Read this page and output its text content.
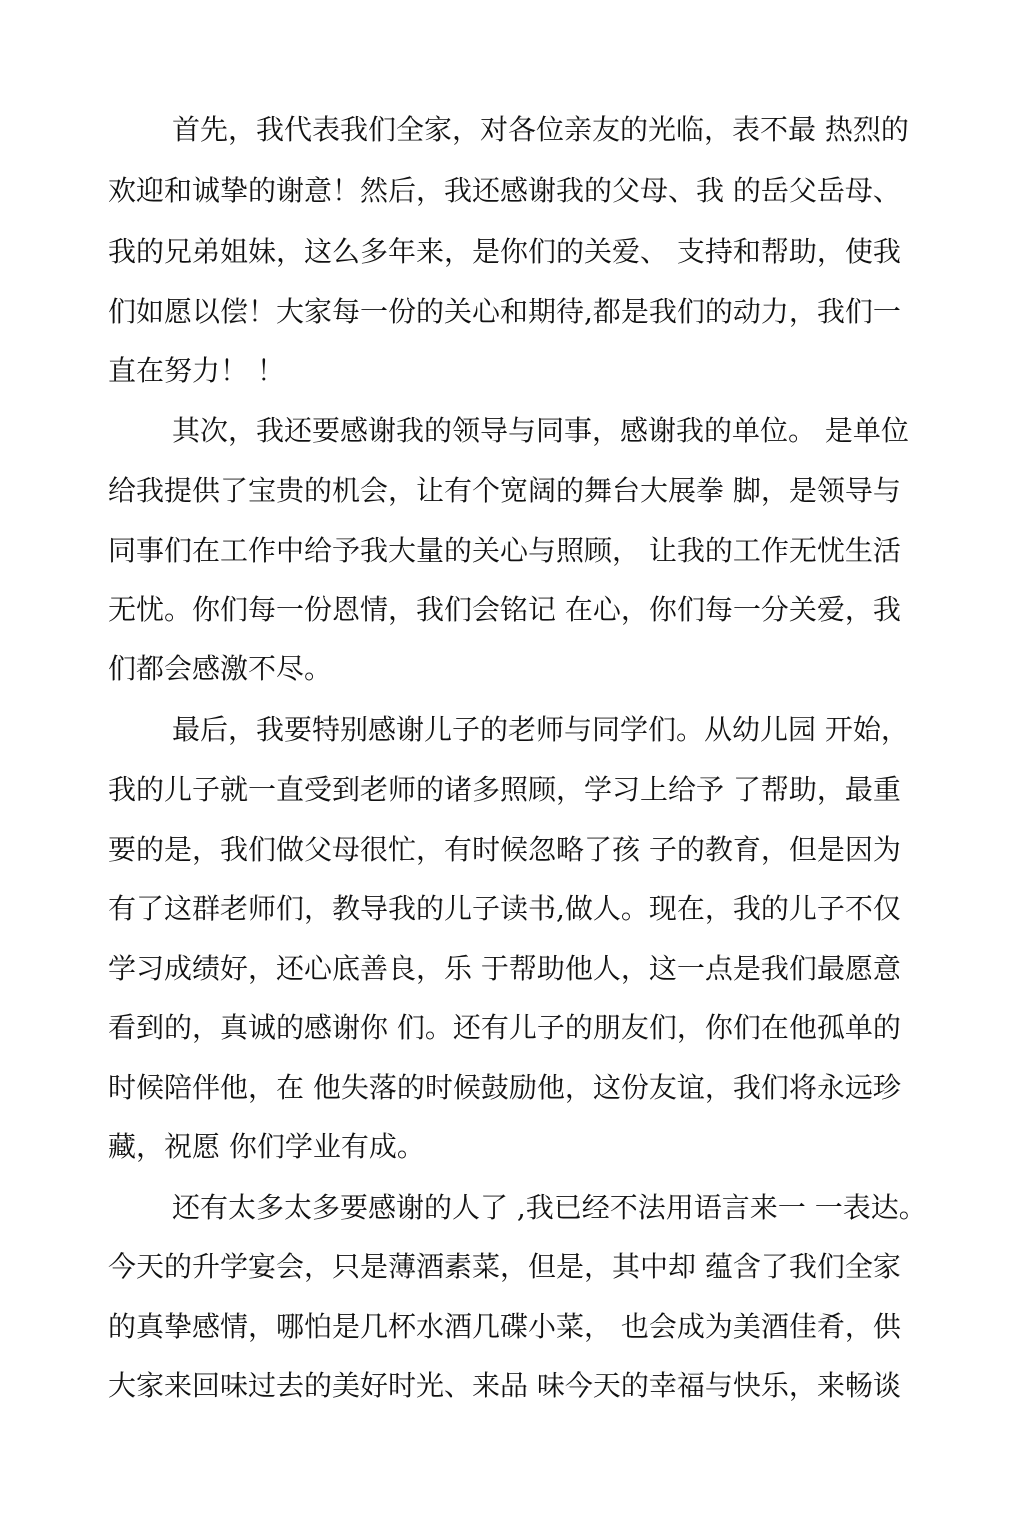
首先，我代表我们全家，对各位亲友的光临，表不最 热烈的
欢迎和诚挚的谢意！然后，我还感谢我的父母、我 的岳父岳母、
我的兄弟姐妹，这么多年来，是你们的关爱、 支持和帮助，使我
们如愿以偿！大家每一份的关心和期待,都是我们的动力，我们一
直在努力！ ！
其次，我还要感谢我的领导与同事，感谢我的单位。 是单位
给我提供了宝贵的机会，让有个宽阔的舞台大展拳 脚，是领导与
同事们在工作中给予我大量的关心与照顾， 让我的工作无忧生活
无忧。你们每一份恩情，我们会铭记 在心，你们每一分关爱，我
们都会感激不尽。
最后，我要特别感谢儿子的老师与同学们。从幼儿园 开始，
我的儿子就一直受到老师的诸多照顾，学习上给予 了帮助，最重
要的是，我们做父母很忙，有时候忽略了孩 子的教育，但是因为
有了这群老师们，教导我的儿子读书,做人。现在，我的儿子不仅
学习成绩好，还心底善良，乐 于帮助他人，这一点是我们最愿意
看到的，真诚的感谢你 们。还有儿子的朋友们，你们在他孤单的
时候陪伴他，在 他失落的时候鼓励他，这份友谊，我们将永远珍
藏，祝愿 你们学业有成。
还有太多太多要感谢的人了 ,我已经不法用语言来一 一表达。
今天的升学宴会，只是薄酒素菜，但是，其中却 蕴含了我们全家
的真挚感情，哪怕是几杯水酒几碟小菜， 也会成为美酒佳肴，供
大家来回味过去的美好时光、来品 味今天的幸福与快乐，来畅谈
